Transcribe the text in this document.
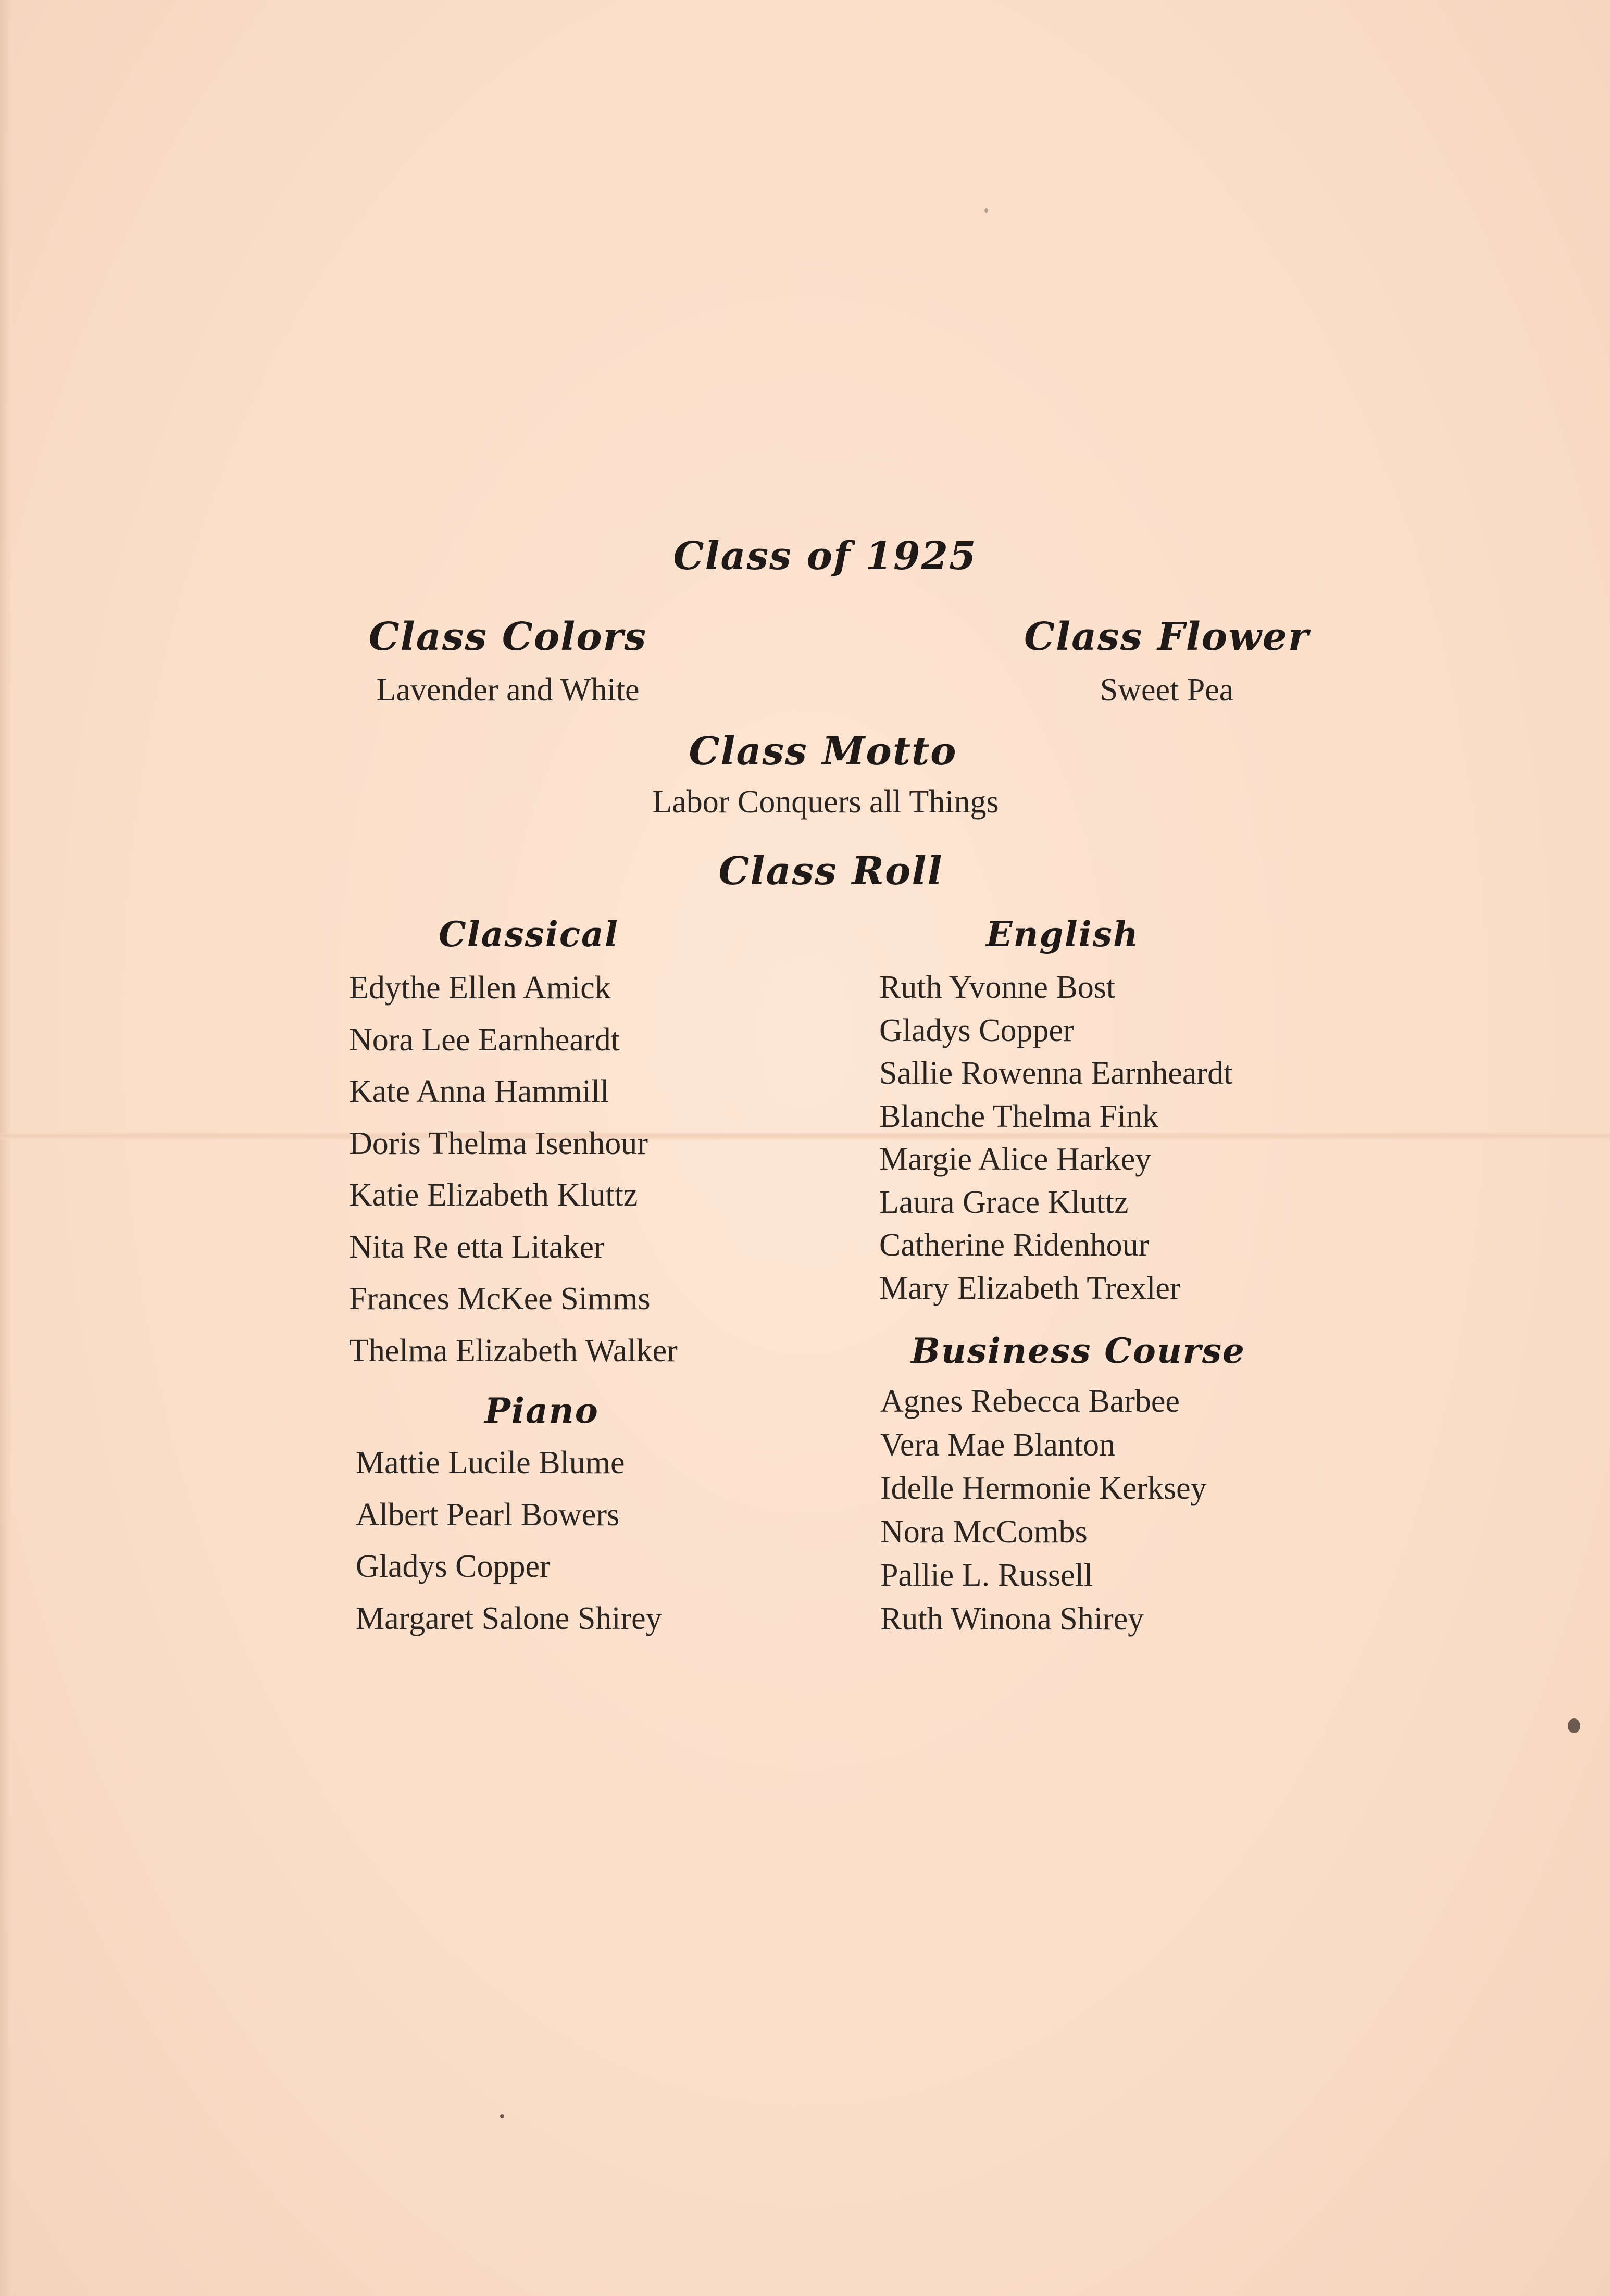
Class of 1925
Class Colors
Lavender and White
Class Flower
Sweet Pea
Class Motto
Labor Conquers all Things
Class Roll
Classical
Edythe Ellen Amick
Nora Lee Earnheardt
Kate Anna Hammill
Doris Thelma Isenhour
Katie Elizabeth Kluttz
Nita Re etta Litaker
Frances McKee Simms
Thelma Elizabeth Walker
Piano
Mattie Lucile Blume
Albert Pearl Bowers
Gladys Copper
Margaret Salone Shirey
English
Ruth Yvonne Bost
Gladys Copper
Sallie Rowenna Earnheardt
Blanche Thelma Fink
Margie Alice Harkey
Laura Grace Kluttz
Catherine Ridenhour
Mary Elizabeth Trexler
Business Course
Agnes Rebecca Barbee
Vera Mae Blanton
Idelle Hermonie Kerksey
Nora McCombs
Pallie L. Russell
Ruth Winona Shirey
